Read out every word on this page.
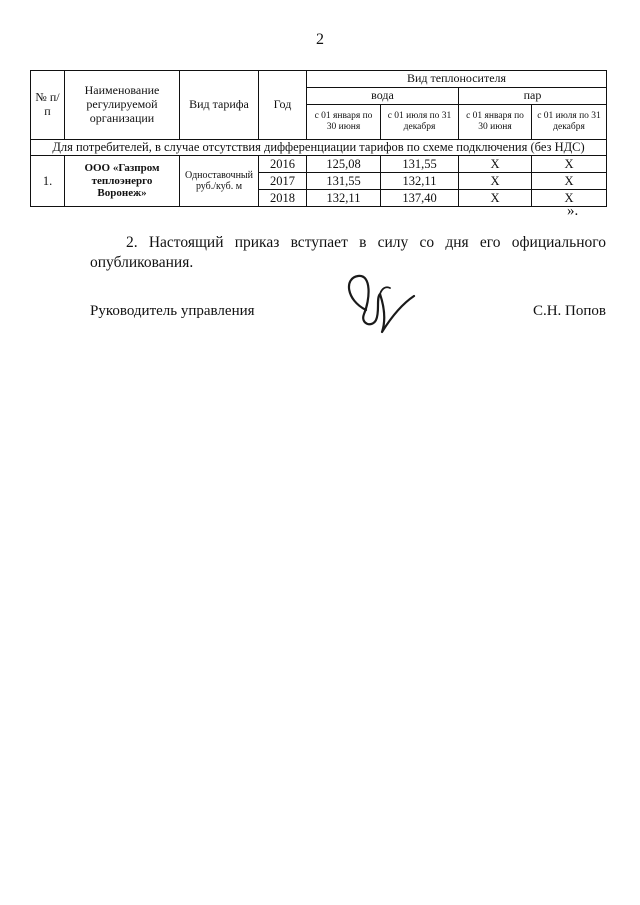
2
№ п/п	Наименование регулируемой организации	Вид тарифа	Год	Вид теплоносителя			
				вода		пар	
				с 01 января по 30 июня	с 01 июля по 31 декабря	с 01 января по 30 июня	с 01 июля по 31 декабря
Для потребителей, в случае отсутствия дифференциации тарифов по схеме подключения (без НДС)							
1.	ООО «Газпром теплоэнерго Воронеж»	Одноставочный руб./куб. м	2016	125,08	131,55	X	X
			2017	131,55	132,11	X	X
			2018	132,11	137,40	X	X
».

2. Настоящий приказ вступает в силу со дня его официального опубликования.

Руководитель управления	С.Н. Попов
